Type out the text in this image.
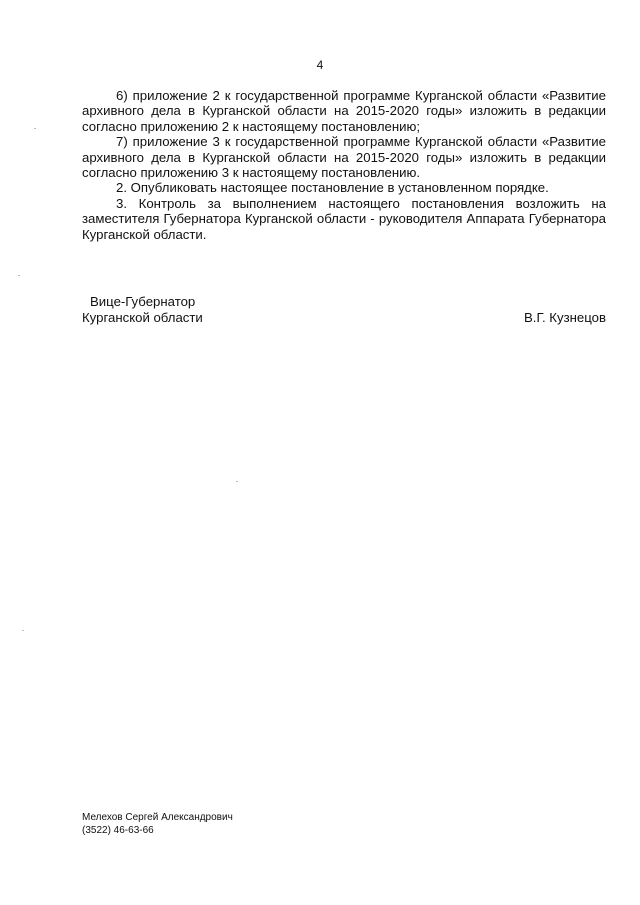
4

6) приложение 2 к государственной программе Курганской области «Развитие архивного дела в Курганской области на 2015-2020 годы» изложить в редакции согласно приложению 2 к настоящему постановлению;

7) приложение 3 к государственной программе Курганской области «Развитие архивного дела в Курганской области на 2015-2020 годы» изложить в редакции согласно приложению 3 к настоящему постановлению.

2. Опубликовать настоящее постановление в установленном порядке.

3. Контроль за выполнением настоящего постановления возложить на заместителя Губернатора Курганской области - руководителя Аппарата Губернатора Курганской области.

Вице-Губернатор
Курганской области	В.Г. Кузнецов
Мелехов Сергей Александрович
(3522) 46-63-66
